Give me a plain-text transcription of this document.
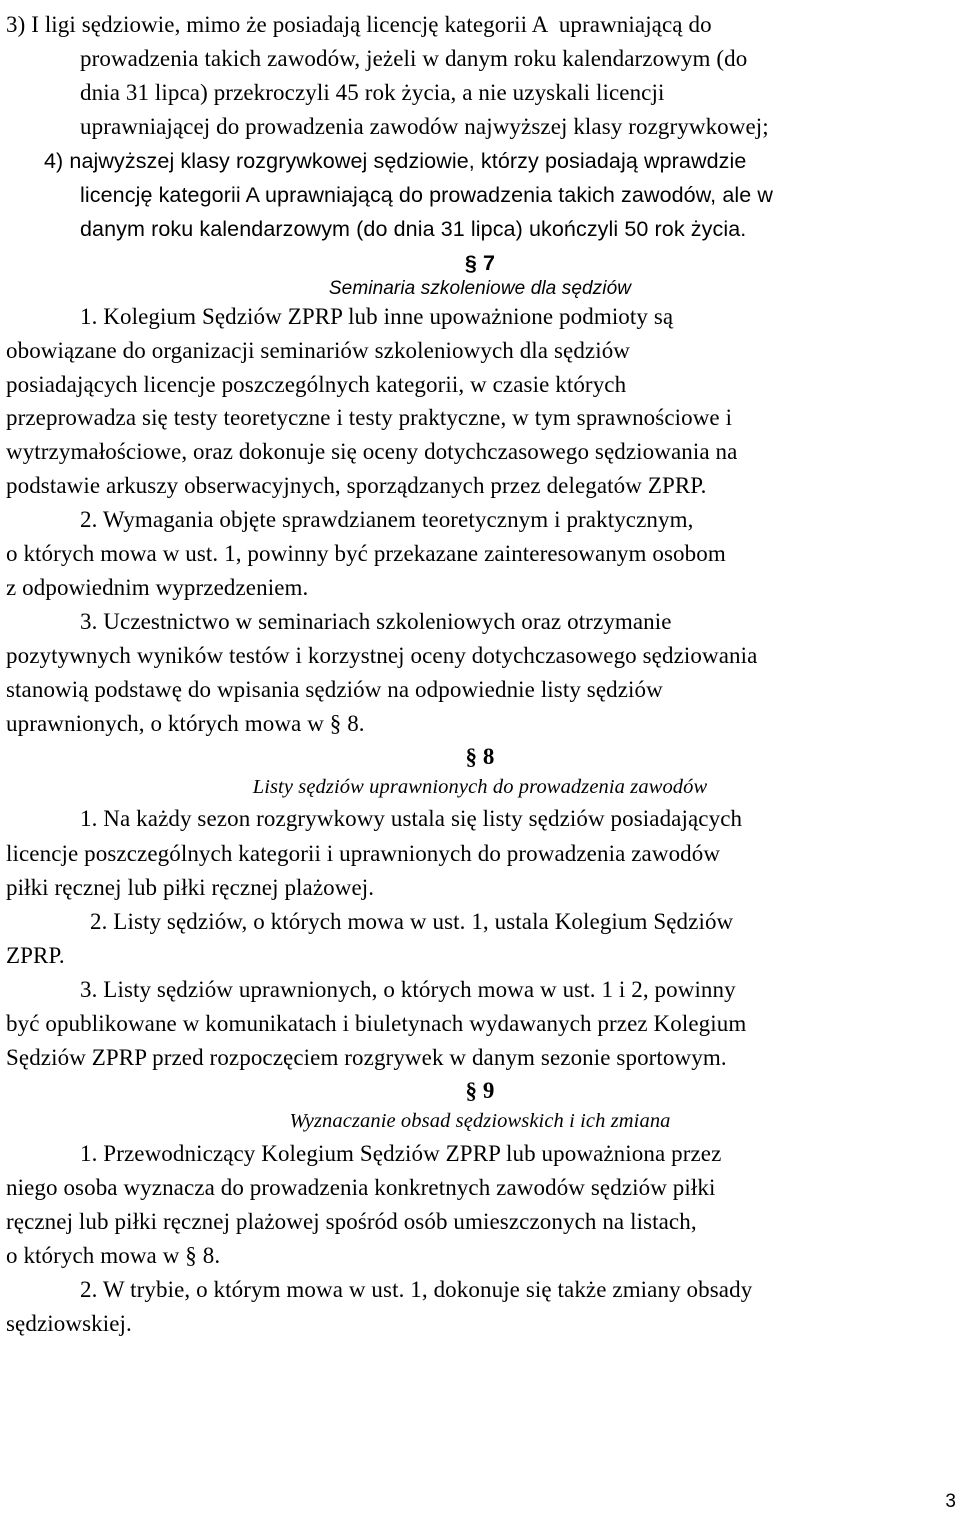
3) I ligi sędziowie, mimo że posiadają licencję kategorii A  uprawniającą do
prowadzenia takich zawodów, jeżeli w danym roku kalendarzowym (do
dnia 31 lipca) przekroczyli 45 rok życia, a nie uzyskali licencji
uprawniającej do prowadzenia zawodów najwyższej klasy rozgrywkowej;
4) najwyższej klasy rozgrywkowej sędziowie, którzy posiadają wprawdzie
licencję kategorii A uprawniającą do prowadzenia takich zawodów, ale w
danym roku kalendarzowym (do dnia 31 lipca) ukończyli 50 rok życia.
§ 7
Seminaria szkoleniowe dla sędziów
1. Kolegium Sędziów ZPRP lub inne upoważnione podmioty są
obowiązane do organizacji seminariów szkoleniowych dla sędziów
posiadających licencje poszczególnych kategorii, w czasie których
przeprowadza się testy teoretyczne i testy praktyczne, w tym sprawnościowe i
wytrzymałościowe, oraz dokonuje się oceny dotychczasowego sędziowania na
podstawie arkuszy obserwacyjnych, sporządzanych przez delegatów ZPRP.
2. Wymagania objęte sprawdzianem teoretycznym i praktycznym,
o których mowa w ust. 1, powinny być przekazane zainteresowanym osobom
z odpowiednim wyprzedzeniem.
3. Uczestnictwo w seminariach szkoleniowych oraz otrzymanie
pozytywnych wyników testów i korzystnej oceny dotychczasowego sędziowania
stanowią podstawę do wpisania sędziów na odpowiednie listy sędziów
uprawnionych, o których mowa w § 8.
§ 8
Listy sędziów uprawnionych do prowadzenia zawodów
1. Na każdy sezon rozgrywkowy ustala się listy sędziów posiadających
licencje poszczególnych kategorii i uprawnionych do prowadzenia zawodów
piłki ręcznej lub piłki ręcznej plażowej.
2. Listy sędziów, o których mowa w ust. 1, ustala Kolegium Sędziów
ZPRP.
3. Listy sędziów uprawnionych, o których mowa w ust. 1 i 2, powinny
być opublikowane w komunikatach i biuletynach wydawanych przez Kolegium
Sędziów ZPRP przed rozpoczęciem rozgrywek w danym sezonie sportowym.
§ 9
Wyznaczanie obsad sędziowskich i ich zmiana
1. Przewodniczący Kolegium Sędziów ZPRP lub upoważniona przez
niego osoba wyznacza do prowadzenia konkretnych zawodów sędziów piłki
ręcznej lub piłki ręcznej plażowej spośród osób umieszczonych na listach,
o których mowa w § 8.
2. W trybie, o którym mowa w ust. 1, dokonuje się także zmiany obsady
sędziowskiej.
3
